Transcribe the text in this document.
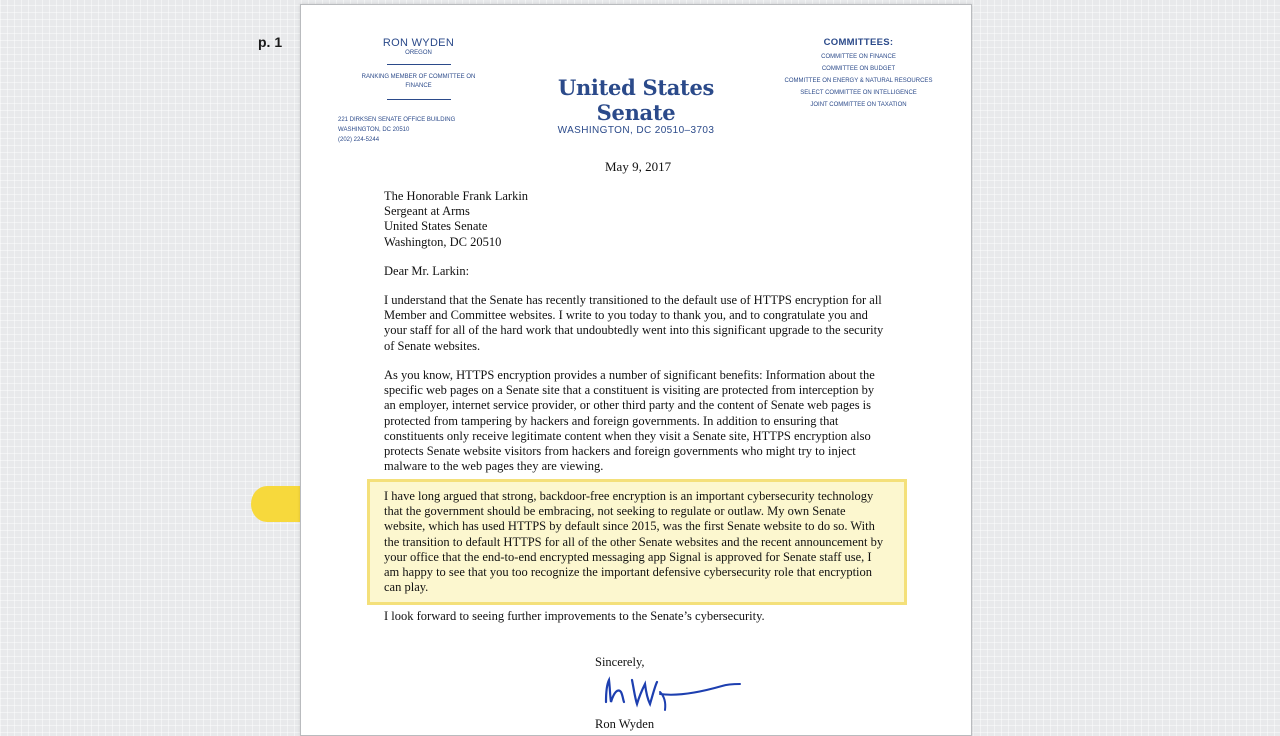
p. 1	RON WYDEN
OREGON
RANKING MEMBER OF COMMITTEE ON FINANCE
221 DIRKSEN SENATE OFFICE BUILDING
WASHINGTON, DC 20510
(202) 224-5244
United States Senate
WASHINGTON, DC 20510–3703
COMMITTEES:
COMMITTEE ON FINANCE
COMMITTEE ON BUDGET
COMMITTEE ON ENERGY & NATURAL RESOURCES
SELECT COMMITTEE ON INTELLIGENCE
JOINT COMMITTEE ON TAXATION
May 9, 2017
The Honorable Frank Larkin
Sergeant at Arms
United States Senate
Washington, DC 20510
Dear Mr. Larkin:
I understand that the Senate has recently transitioned to the default use of HTTPS encryption for all Member and Committee websites. I write to you today to thank you, and to congratulate you and your staff for all of the hard work that undoubtedly went into this significant upgrade to the security of Senate websites.
As you know, HTTPS encryption provides a number of significant benefits: Information about the specific web pages on a Senate site that a constituent is visiting are protected from interception by an employer, internet service provider, or other third party and the content of Senate web pages is protected from tampering by hackers and foreign governments. In addition to ensuring that constituents only receive legitimate content when they visit a Senate site, HTTPS encryption also protects Senate website visitors from hackers and foreign governments who might try to inject malware to the web pages they are viewing.
I have long argued that strong, backdoor-free encryption is an important cybersecurity technology that the government should be embracing, not seeking to regulate or outlaw. My own Senate website, which has used HTTPS by default since 2015, was the first Senate website to do so. With the transition to default HTTPS for all of the other Senate websites and the recent announcement by your office that the end-to-end encrypted messaging app Signal is approved for Senate staff use, I am happy to see that you too recognize the important defensive cybersecurity role that encryption can play.
I look forward to seeing further improvements to the Senate’s cybersecurity.
Sincerely,
Ron Wyden
